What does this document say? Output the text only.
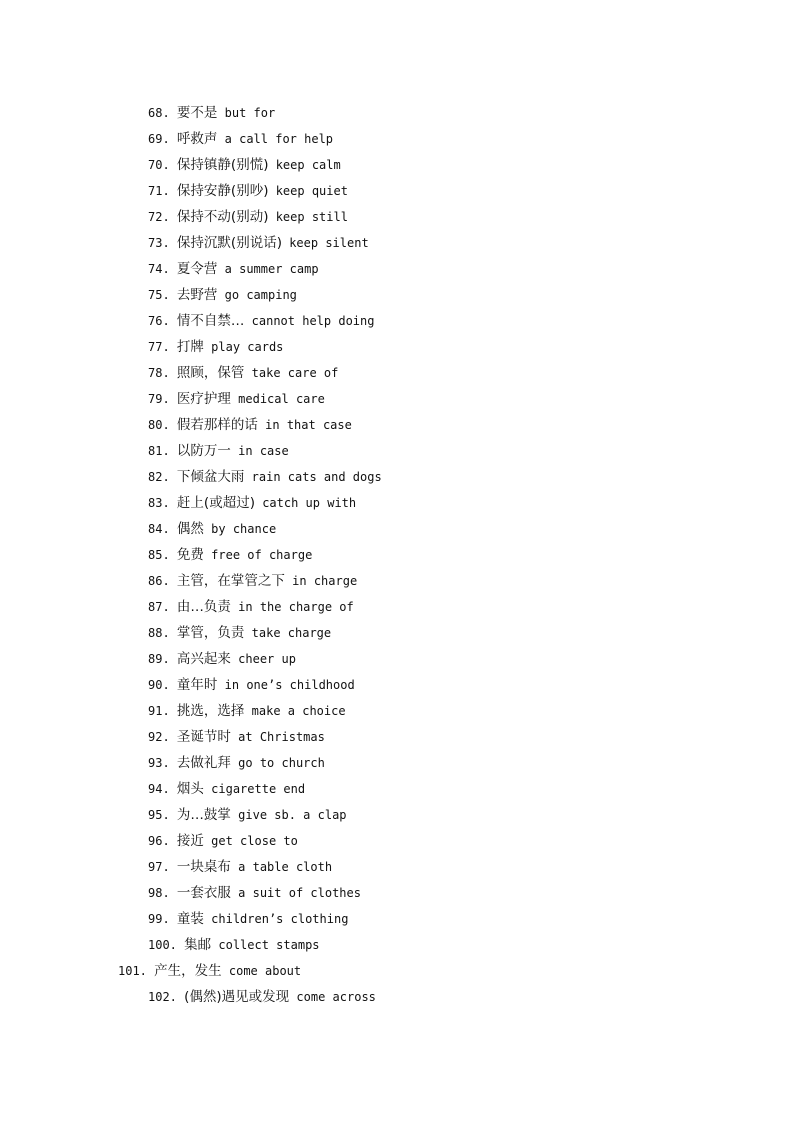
68. 要不是 but for
69. 呼救声 a call for help
70. 保持镇静(别慌) keep calm
71. 保持安静(别吵) keep quiet
72. 保持不动(别动) keep still
73. 保持沉默(别说话) keep silent
74. 夏令营 a summer camp
75. 去野营 go camping
76. 情不自禁… cannot help doing
77. 打牌 play cards
78. 照顾，保管 take care of
79. 医疗护理 medical care
80. 假若那样的话 in that case
81. 以防万一 in case
82. 下倾盆大雨 rain cats and dogs
83. 赶上(或超过) catch up with
84. 偶然 by chance
85. 免费 free of charge
86. 主管，在掌管之下 in charge
87. 由…负责 in the charge of
88. 掌管，负责 take charge
89. 高兴起来 cheer up
90. 童年时 in one’s childhood
91. 挑选，选择 make a choice
92. 圣诞节时 at Christmas
93. 去做礼拜 go to church
94. 烟头 cigarette end
95. 为…鼓掌 give sb. a clap
96. 接近 get close to
97. 一块桌布 a table cloth
98. 一套衣服 a suit of clothes
99. 童装 children’s clothing
100. 集邮 collect stamps
101. 产生，发生 come about
102. (偶然)遇见或发现 come across
